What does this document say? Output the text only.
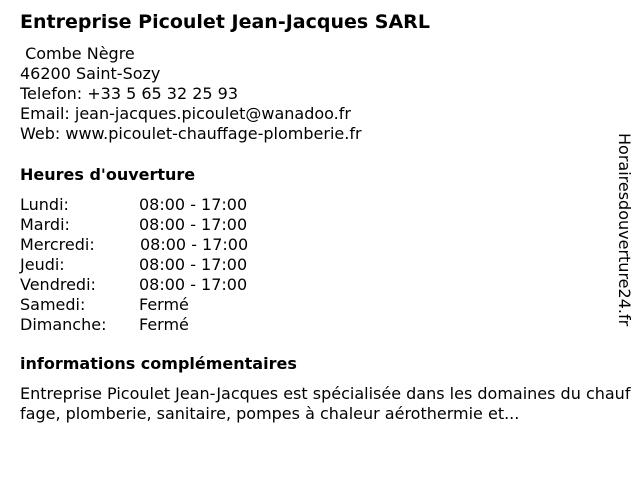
Entreprise Picoulet Jean-Jacques SARL
Combe Nègre
46200 Saint-Sozy
Telefon: +33 5 65 32 25 93
Email: jean-jacques.picoulet@wanadoo.fr
Web: www.picoulet-chauffage-plomberie.fr
Heures d'ouverture
Lundi:	08:00 - 17:00
Mardi:	08:00 - 17:00
Mercredi:	08:00 - 17:00
Jeudi:	08:00 - 17:00
Vendredi:	08:00 - 17:00
Samedi:	Fermé
Dimanche: Fermé
informations complémentaires
Entreprise Picoulet Jean-Jacques est spécialisée dans les domaines du chauffage, plomberie, sanitaire, pompes à chaleur aérothermie et...
Horairesdouverture24.fr
